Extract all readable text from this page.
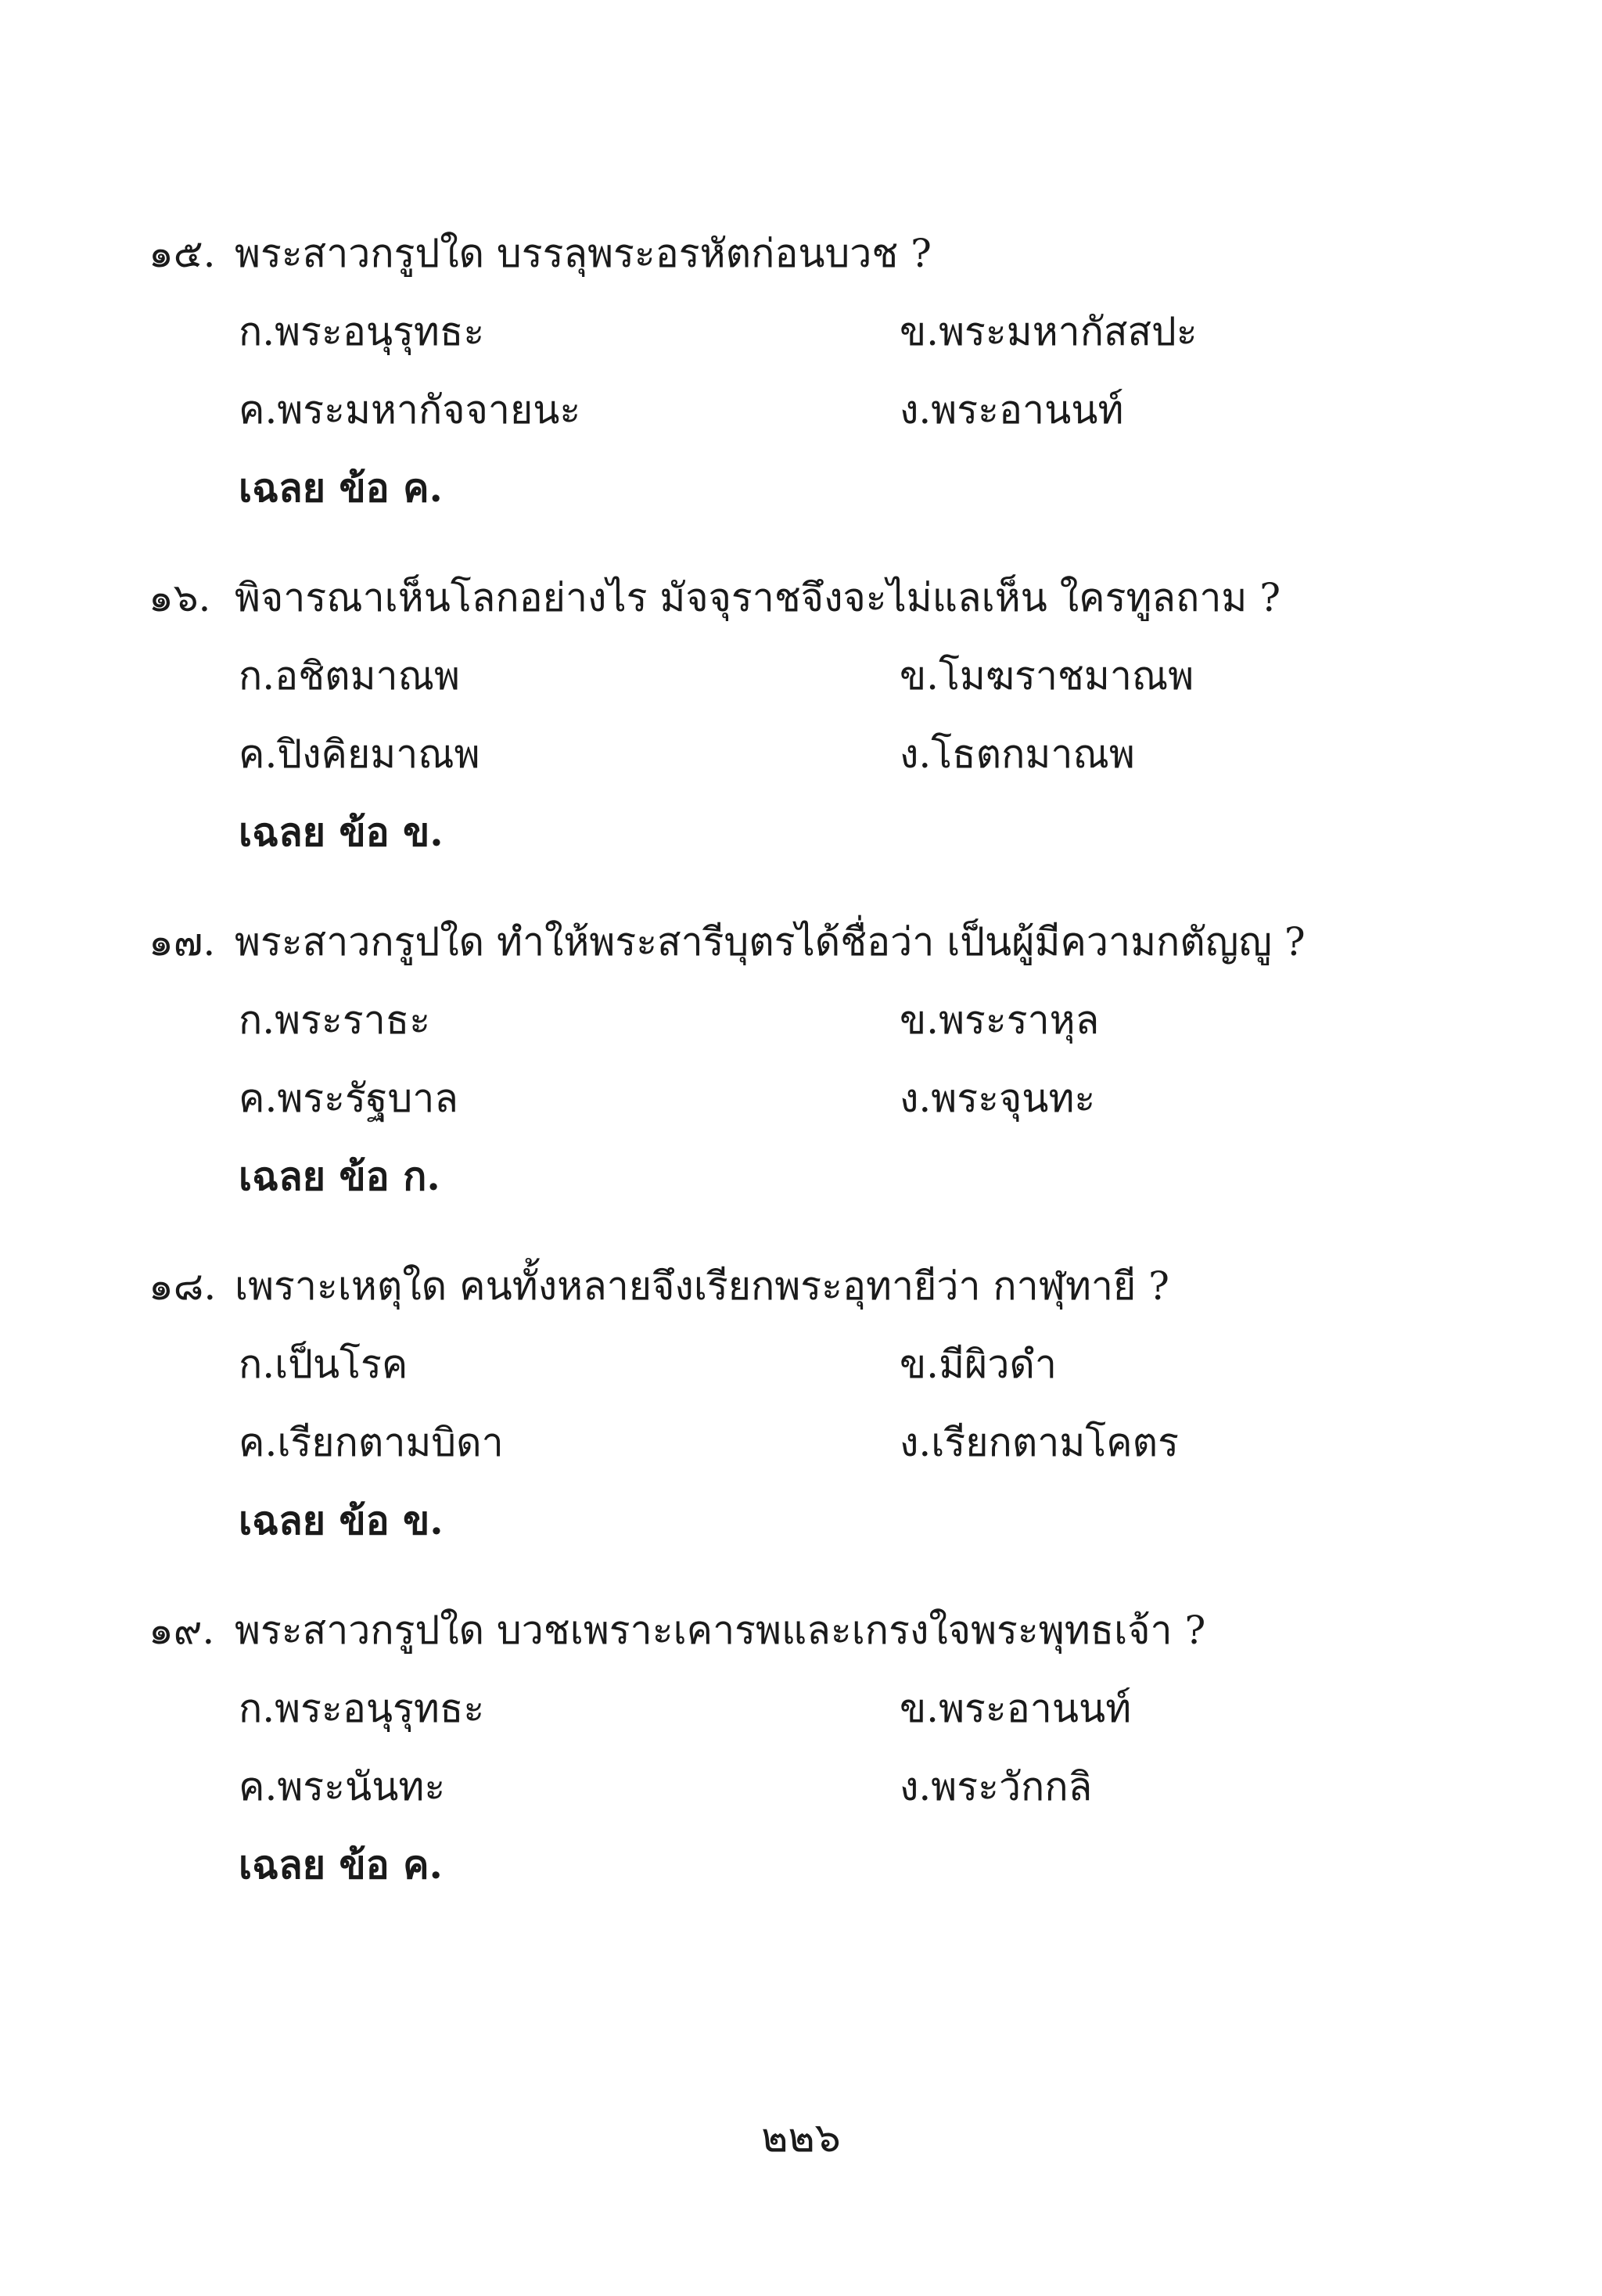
๑๕. พระสาวกรูปใด บรรลุพระอรหัตก่อนบวช ?
ก.พระอนุรุทธะ	ข.พระมหากัสสปะ
ค.พระมหากัจจายนะ	ง.พระอานนท์
เฉลย ข้อ ค.
๑๖. พิจารณาเห็นโลกอย่างไร มัจจุราชจึงจะไม่แลเห็น ใครทูลถาม ?
ก.อชิตมาณพ	ข.โมฆราชมาณพ
ค.ปิงคิยมาณพ	ง.โธตกมาณพ
เฉลย ข้อ ข.
๑๗. พระสาวกรูปใด ทำให้พระสารีบุตรได้ชื่อว่า เป็นผู้มีความกตัญญู ?
ก.พระราธะ	ข.พระราหุล
ค.พระรัฐบาล	ง.พระจุนทะ
เฉลย ข้อ ก.
๑๘. เพราะเหตุใด คนทั้งหลายจึงเรียกพระอุทายีว่า กาฬุทายี ?
ก.เป็นโรค	ข.มีผิวดำ
ค.เรียกตามบิดา	ง.เรียกตามโคตร
เฉลย ข้อ ข.
๑๙. พระสาวกรูปใด บวชเพราะเคารพและเกรงใจพระพุทธเจ้า ?
ก.พระอนุรุทธะ	ข.พระอานนท์
ค.พระนันทะ	ง.พระวักกลิ
เฉลย ข้อ ค.
๒๒๖
